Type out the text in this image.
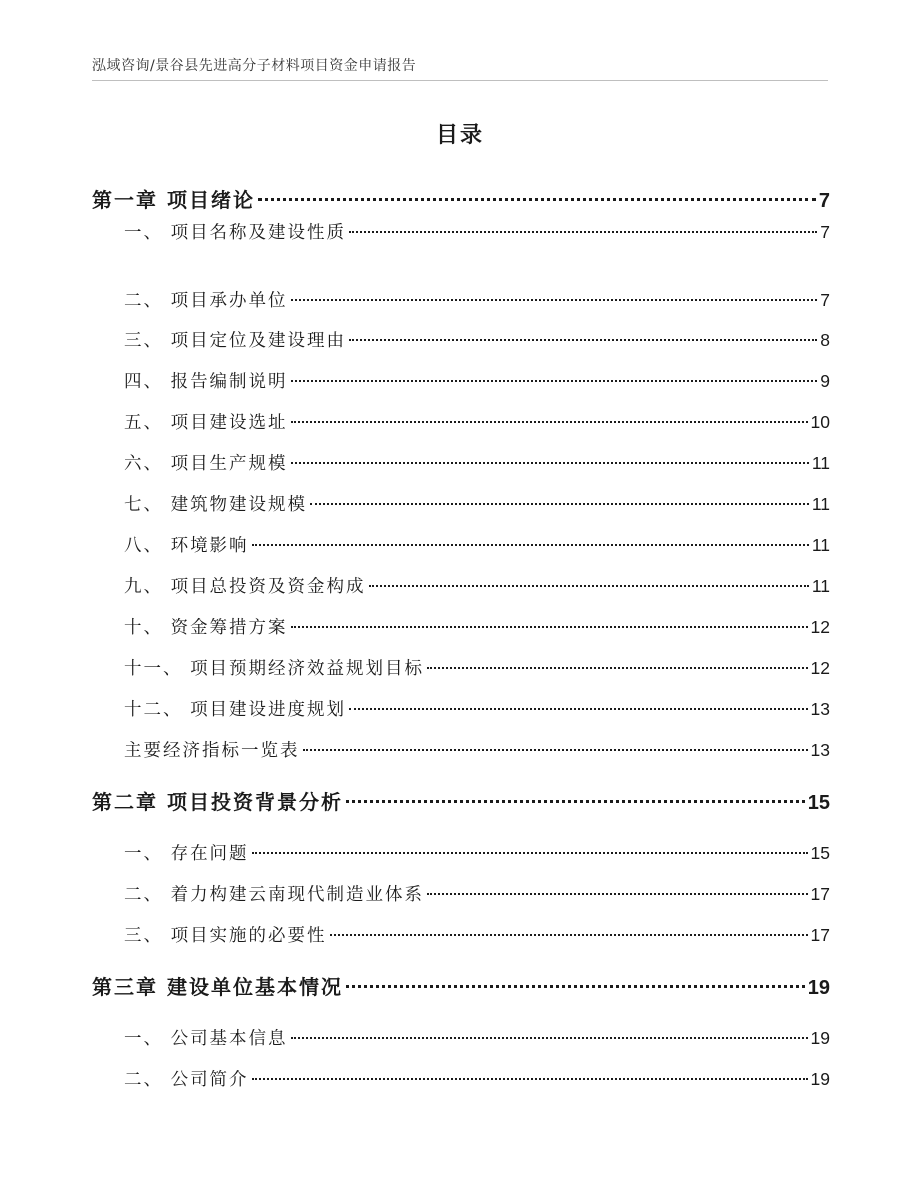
泓域咨询/景谷县先进高分子材料项目资金申请报告
目录
第一章 项目绪论	7
一、 项目名称及建设性质	7
二、 项目承办单位	7
三、 项目定位及建设理由	8
四、 报告编制说明	9
五、 项目建设选址	10
六、 项目生产规模	11
七、 建筑物建设规模	11
八、 环境影响	11
九、 项目总投资及资金构成	11
十、 资金筹措方案	12
十一、 项目预期经济效益规划目标	12
十二、 项目建设进度规划	13
主要经济指标一览表	13
第二章 项目投资背景分析	15
一、 存在问题	15
二、 着力构建云南现代制造业体系	17
三、 项目实施的必要性	17
第三章 建设单位基本情况	19
一、 公司基本信息	19
二、 公司简介	19
